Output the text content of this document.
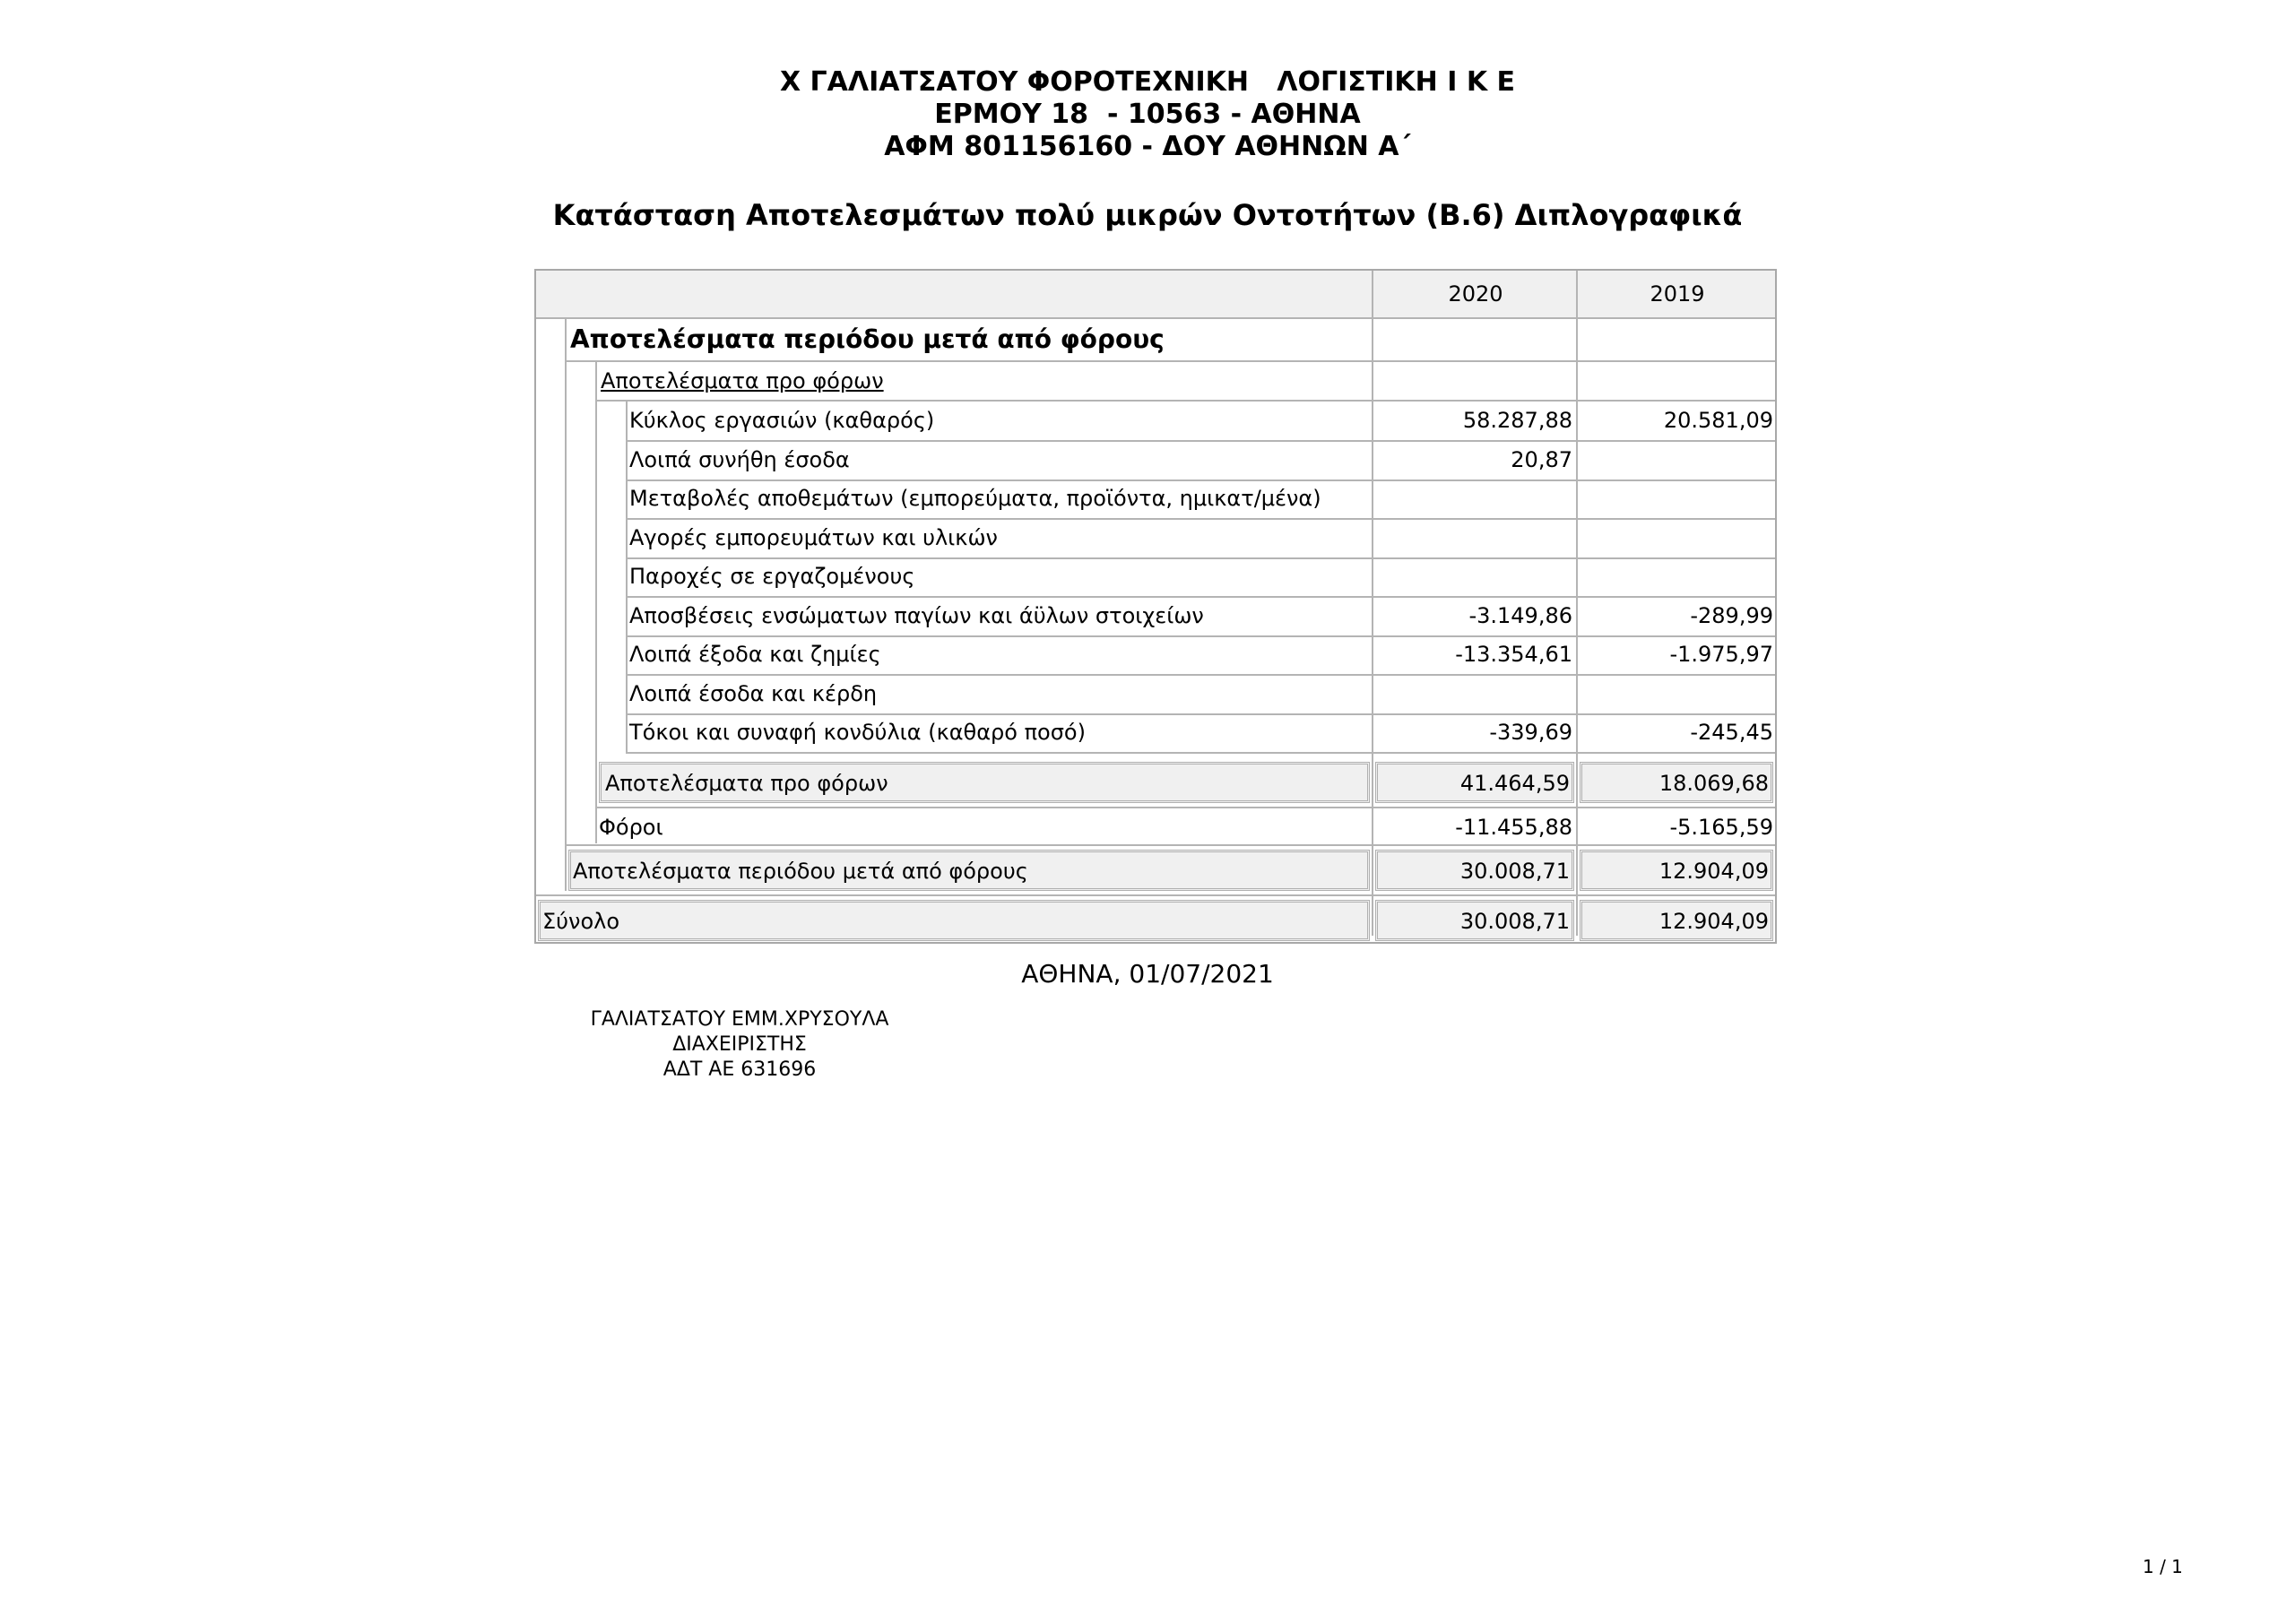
Χ ΓΑΛΙΑΤΣΑΤΟΥ ΦΟΡΟΤΕΧΝΙΚΗ   ΛΟΓΙΣΤΙΚΗ Ι Κ Ε
ΕΡΜΟΥ 18  - 10563 - ΑΘΗΝΑ
ΑΦΜ 801156160 - ΔΟΥ ΑΘΗΝΩΝ Α΄
Κατάσταση Αποτελεσμάτων πολύ μικρών Οντοτήτων (Β.6) Διπλογραφικά
2020	2019
Αποτελέσματα περιόδου μετά από φόρους
Αποτελέσματα προ φόρων
Κύκλος εργασιών (καθαρός)	58.287,88	20.581,09
Λοιπά συνήθη έσοδα	20,87
Μεταβολές αποθεμάτων (εμπορεύματα, προϊόντα, ημικατ/μένα)
Αγορές εμπορευμάτων και υλικών
Παροχές σε εργαζομένους
Αποσβέσεις ενσώματων παγίων και άϋλων στοιχείων	-3.149,86	-289,99
Λοιπά έξοδα και ζημίες	-13.354,61	-1.975,97
Λοιπά έσοδα και κέρδη
Τόκοι και συναφή κονδύλια (καθαρό ποσό)	-339,69	-245,45
Αποτελέσματα προ φόρων	41.464,59	18.069,68
Φόροι	-11.455,88	-5.165,59
Αποτελέσματα περιόδου μετά από φόρους	30.008,71	12.904,09
Σύνολο	30.008,71	12.904,09
ΑΘΗΝΑ, 01/07/2021
ΓΑΛΙΑΤΣΑΤΟΥ ΕΜΜ.ΧΡΥΣΟΥΛΑ
ΔΙΑΧΕΙΡΙΣΤΗΣ
ΑΔΤ ΑΕ 631696
1 / 1
